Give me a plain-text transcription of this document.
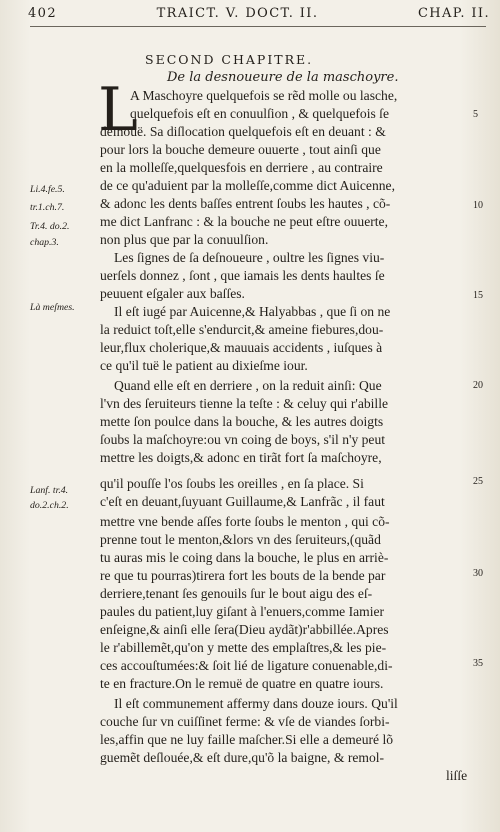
402	TRAICT. V. DOCT. II.	CHAP. II.
SECOND CHAPITRE.
De la desnoueure de la maschoyre.
L
A Maschoyre quelquefois se rẽd molle ou lasche,
quelquefois eſt en conuulſion , & quelquefois ſe
deſnouë. Sa diſlocation quelquefois eſt en deuant : &
pour lors la bouche demeure ouuerte , tout ainſi que
en la molleſſe,quelquesfois en derriere , au contraire
de ce qu'aduient par la molleſſe,comme dict Auicenne,
& adonc les dents baſſes entrent ſoubs les hautes , cõ-
me dict Lanfranc : & la bouche ne peut eſtre ouuerte,
non plus que par la conuulſion.
Les ſignes de ſa deſnoueure , oultre les ſignes viu-
uerſels donnez , ſont , que iamais les dents haultes ſe
peuuent eſgaler aux baſſes.
Il eſt iugé par Auicenne,& Halyabbas , que ſi on ne
la reduict toſt,elle s'endurcit,& ameine fiebures,dou-
leur,flux cholerique,& mauuais accidents , iuſques à
ce qu'il tuë le patient au dixieſme iour.
Quand elle eſt en derriere , on la reduit ainſi: Que
l'vn des ſeruiteurs tienne la teſte : & celuy qui r'abille
mette ſon poulce dans la bouche, & les autres doigts
ſoubs la maſchoyre:ou vn coing de boys, s'il n'y peut
mettre les doigts,& adonc en tirãt fort ſa maſchoyre,
qu'il pouſſe l'os ſoubs les oreilles , en ſa place. Si
c'eſt en deuant,ſuyuant Guillaume,& Lanfrãc , il faut
mettre vne bende aſſes forte ſoubs le menton , qui cõ-
prenne tout le menton,&lors vn des ſeruiteurs,(quãd
tu auras mis le coing dans la bouche, le plus en arriè-
re que tu pourras)tirera fort les bouts de la bende par
derriere,tenant ſes genouils ſur le bout aigu des eſ-
paules du patient,luy giſant à l'enuers,comme Iamier
enſeigne,& ainſi elle ſera(Dieu aydãt)r'abbillée.Apres
le r'abillemẽt,qu'on y mette des emplaſtres,& les pie-
ces accouſtumées:& ſoit lié de ligature conuenable,di-
te en fracture.On le remuë de quatre en quatre iours.
Il eſt communement affermy dans douze iours. Qu'il
couche ſur vn cuiſſinet ferme: & vſe de viandes ſorbi-
les,affin que ne luy faille maſcher.Si elle a demeuré lõ
guemẽt deſlouée,& eſt dure,qu'õ la baigne, & remol-
liſſe
Li.4.fe.5.
tr.1.ch.7.
Tr.4. do.2.
chap.3.
Là meſmes.
Lanf. tr.4.
do.2.ch.2.
5
10
15
20
25
30
35
